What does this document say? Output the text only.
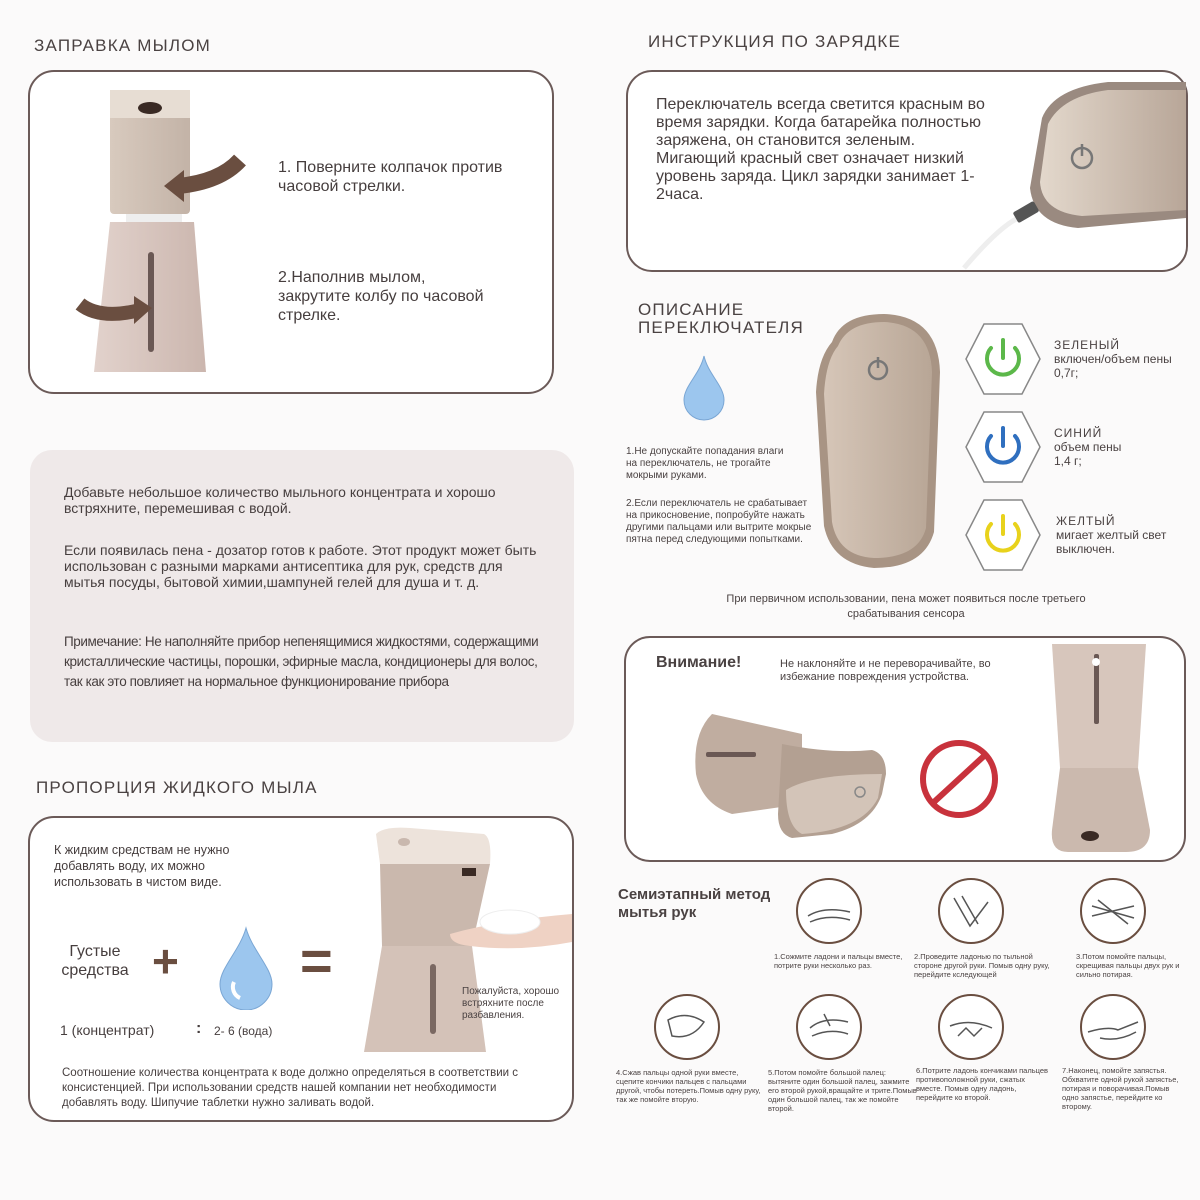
ЗАПРАВКА МЫЛОМ
1. Поверните колпачок против часовой стрелки.
2.Наполнив мылом, закрутите колбу по часовой стрелке.
Добавьте небольшое количество мыльного концентрата и хорошо встряхните, перемешивая с водой.
Если появилась пена - дозатор готов к работе. Этот продукт может быть использован с разными марками антисептика для рук, средств для мытья посуды, бытовой химии,шампуней гелей для душа и т. д.
Примечание: Не наполняйте прибор непенящимися жидкостями, содержащими кристаллические частицы, порошки, эфирные масла, кондиционеры для волос, так как это повлияет на нормальное функционирование прибора
ПРОПОРЦИЯ ЖИДКОГО МЫЛА
К жидким средствам не нужно добавлять воду, их можно использовать в чистом виде.
Густые средства + =
1 (концентрат)	: 2- 6 (вода)
Пожалуйста, хорошо встряхните после разбавления.
Соотношение количества концентрата к воде должно определяться в соответствии с консистенцией. При использовании средств нашей компании нет необходимости добавлять воду. Шипучие таблетки нужно заливать водой.
ИНСТРУКЦИЯ ПО ЗАРЯДКЕ
Переключатель всегда светится красным во время зарядки. Когда батарейка полностью заряжена, он становится зеленым. Мигающий красный свет означает низкий уровень заряда. Цикл зарядки занимает 1-2часа.
ОПИСАНИЕ
ПЕРЕКЛЮЧАТЕЛЯ
1.Не допускайте попадания влаги на переключатель, не трогайте мокрыми руками.
2.Если переключатель не срабатывает на прикосновение, попробуйте нажать другими пальцами или вытрите мокрые пятна перед следующими попытками.
ЗЕЛЕНЫЙ
включен/объем пены 0,7г;
СИНИЙ
объем пены 1,4 г;
ЖЕЛТЫЙ
мигает желтый свет выключен.
При первичном использовании, пена может появиться после третьего срабатывания сенсора
Внимание!	Не наклоняйте и не переворачивайте, во избежание повреждения устройства.
Семиэтапный метод мытья рук
1.Сожмите ладони и пальцы вместе, потрите руки несколько раз.
2.Проведите ладонью по тыльной стороне другой руки. Помыв одну руку, перейдите кследующей
3.Потом помойте пальцы, скрещивая пальцы двух рук и сильно потирая.
4.Сжав пальцы одной руки вместе, сцепите кончики пальцев с пальцами другой, чтобы потереть.Помыв одну руку, так же помойте вторую.
5.Потом помойте большой палец: вытяните один большой палец, зажмите его второй рукой,вращайте и трите.Помыв один большой палец, так же помойте второй.
6.Потрите ладонь кончиками пальцев противоположной руки, сжатых вместе. Помыв одну ладонь, перейдите ко второй.
7.Наконец, помойте запястья. Обхватите одной рукой запястье, потирая и поворачивая.Помыв одно запястье, перейдите ко второму.
